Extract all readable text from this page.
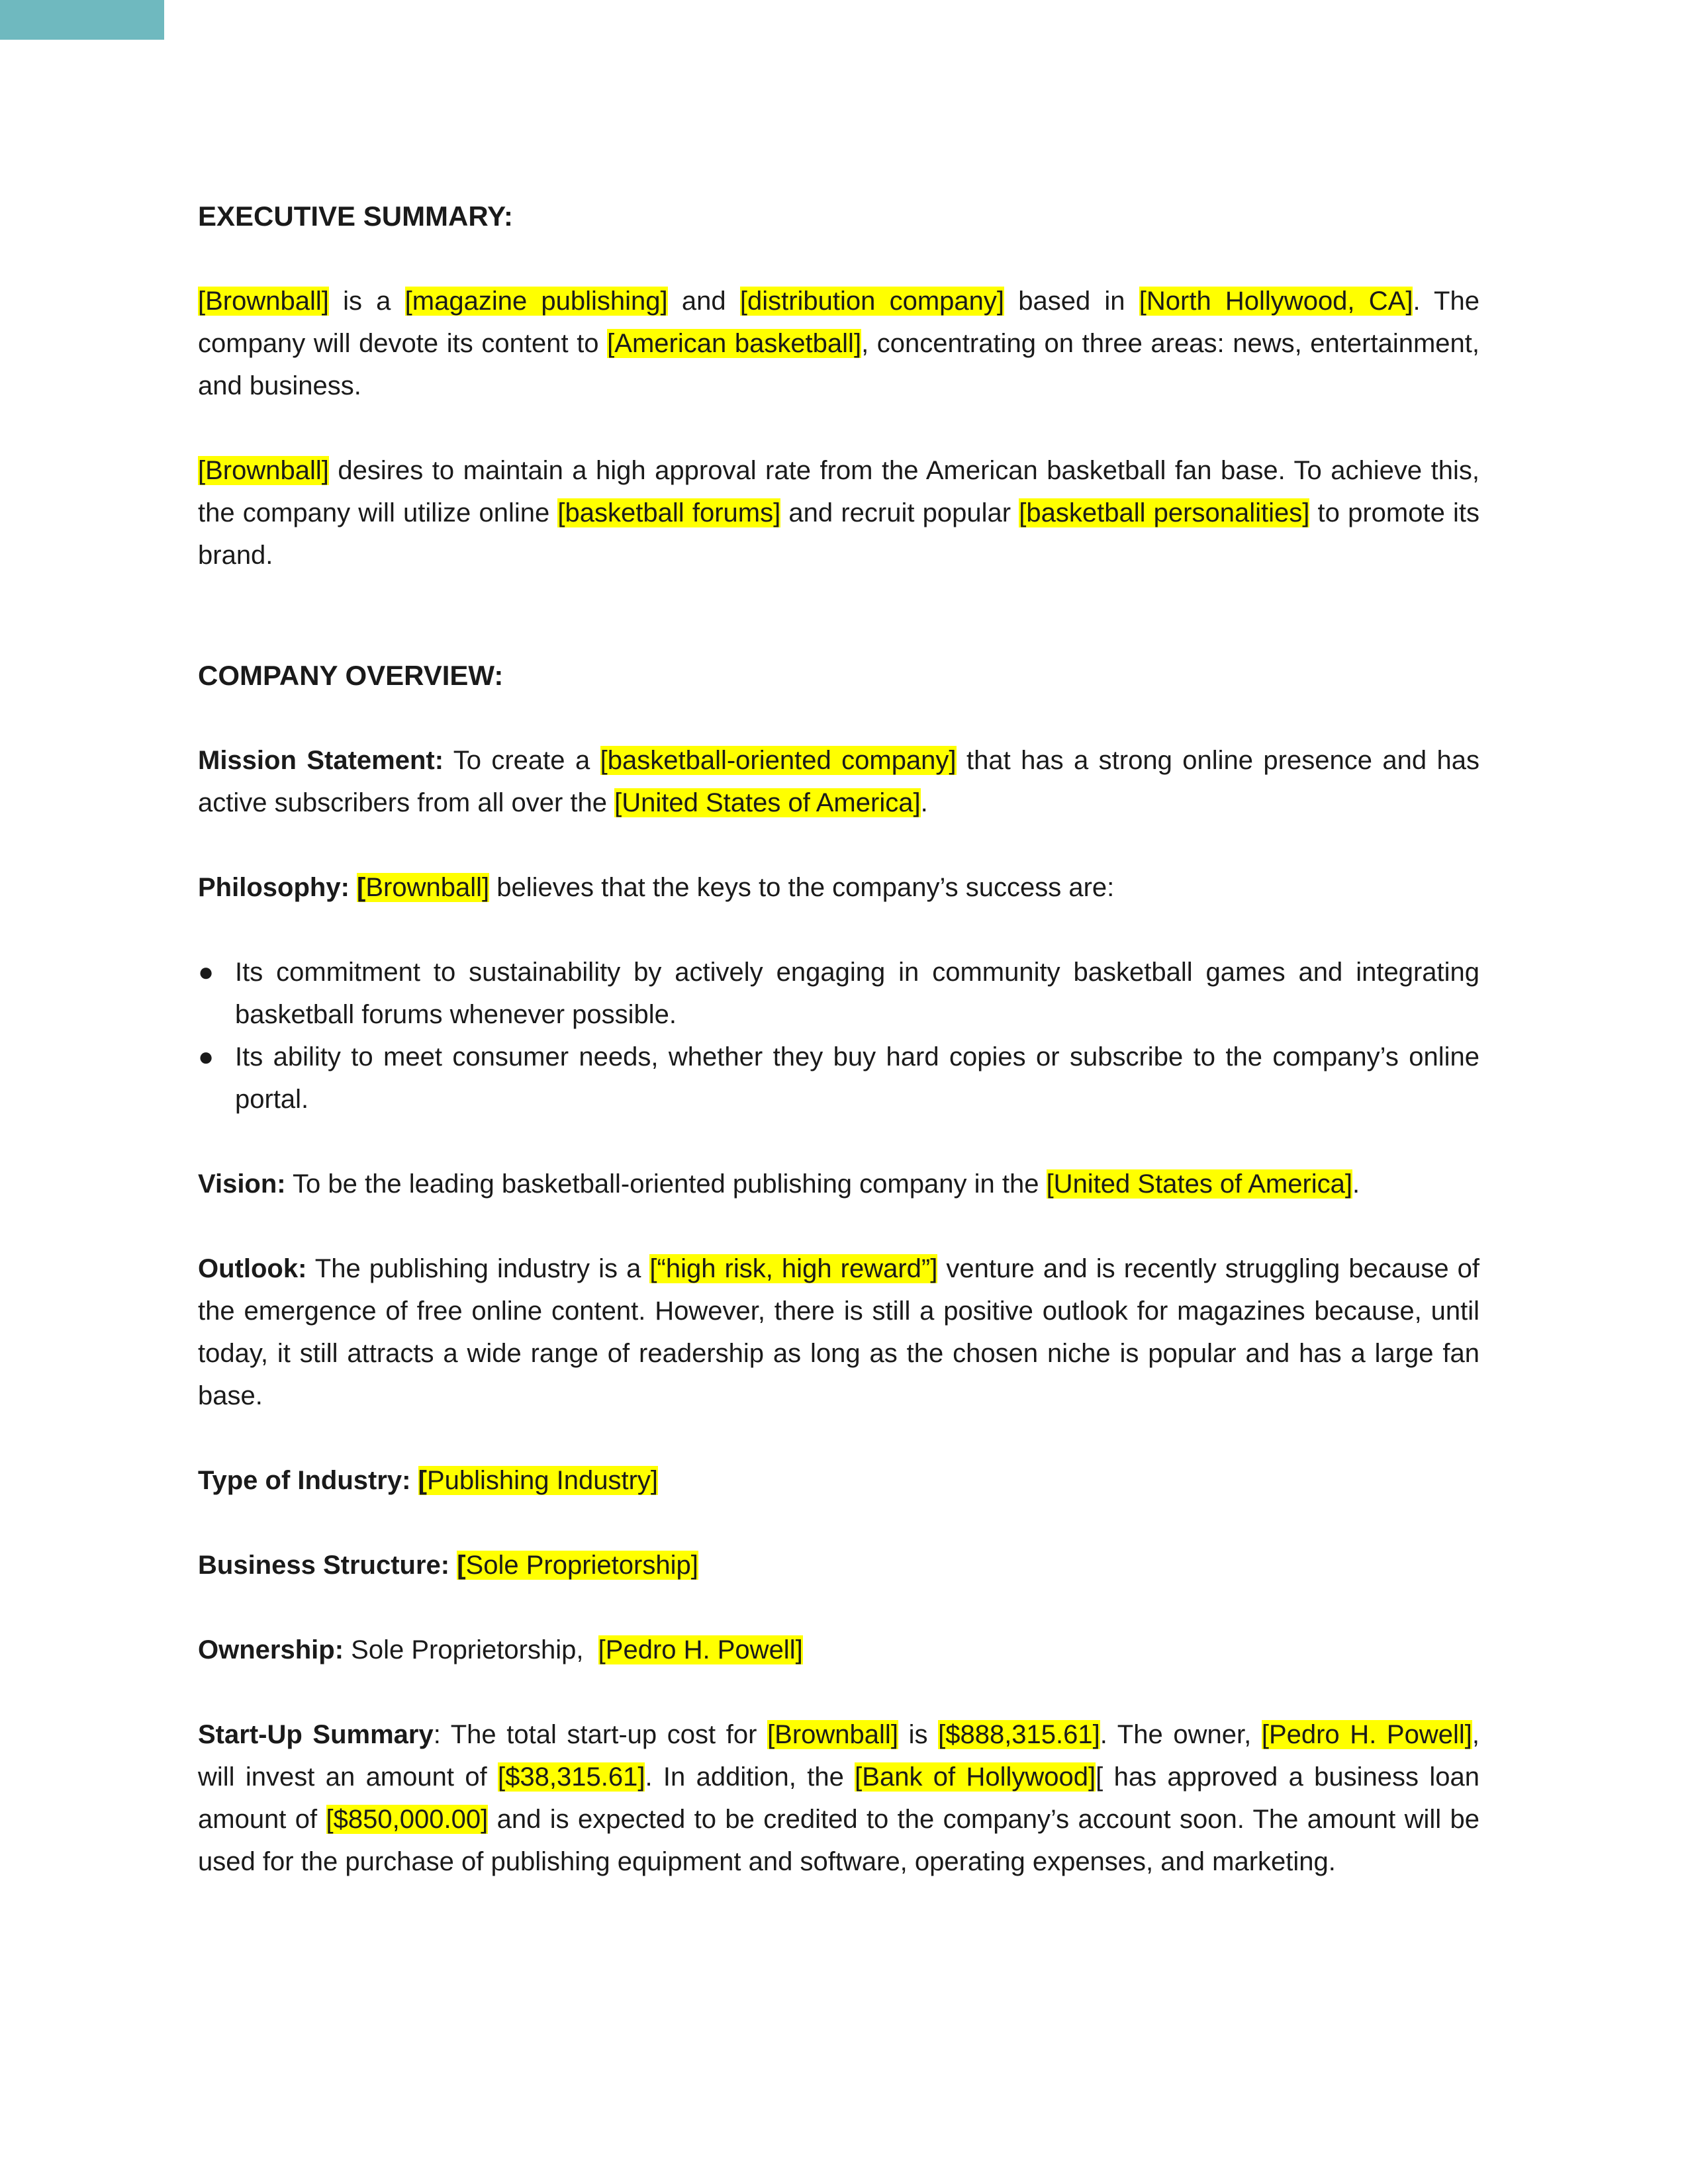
EXECUTIVE SUMMARY:

[Brownball] is a [magazine publishing] and [distribution company] based in [North Hollywood, CA]. The company will devote its content to [American basketball], concentrating on three areas: news, entertainment, and business.

[Brownball] desires to maintain a high approval rate from the American basketball fan base. To achieve this, the company will utilize online [basketball forums] and recruit popular [basketball personalities] to promote its brand.

COMPANY OVERVIEW:

Mission Statement: To create a [basketball-oriented company] that has a strong online presence and has active subscribers from all over the [United States of America].

Philosophy: [Brownball] believes that the keys to the company’s success are:

● Its commitment to sustainability by actively engaging in community basketball games and integrating basketball forums whenever possible.
● Its ability to meet consumer needs, whether they buy hard copies or subscribe to the company’s online portal.

Vision: To be the leading basketball-oriented publishing company in the [United States of America].

Outlook: The publishing industry is a [“high risk, high reward”] venture and is recently struggling because of the emergence of free online content. However, there is still a positive outlook for magazines because, until today, it still attracts a wide range of readership as long as the chosen niche is popular and has a large fan base.

Type of Industry: [Publishing Industry]

Business Structure: [Sole Proprietorship]

Ownership: Sole Proprietorship,  [Pedro H. Powell]

Start-Up Summary: The total start-up cost for [Brownball] is [$888,315.61]. The owner, [Pedro H. Powell], will invest an amount of [$38,315.61]. In addition, the [Bank of Hollywood][ has approved a business loan amount of [$850,000.00] and is expected to be credited to the company’s account soon. The amount will be used for the purchase of publishing equipment and software, operating expenses, and marketing.
